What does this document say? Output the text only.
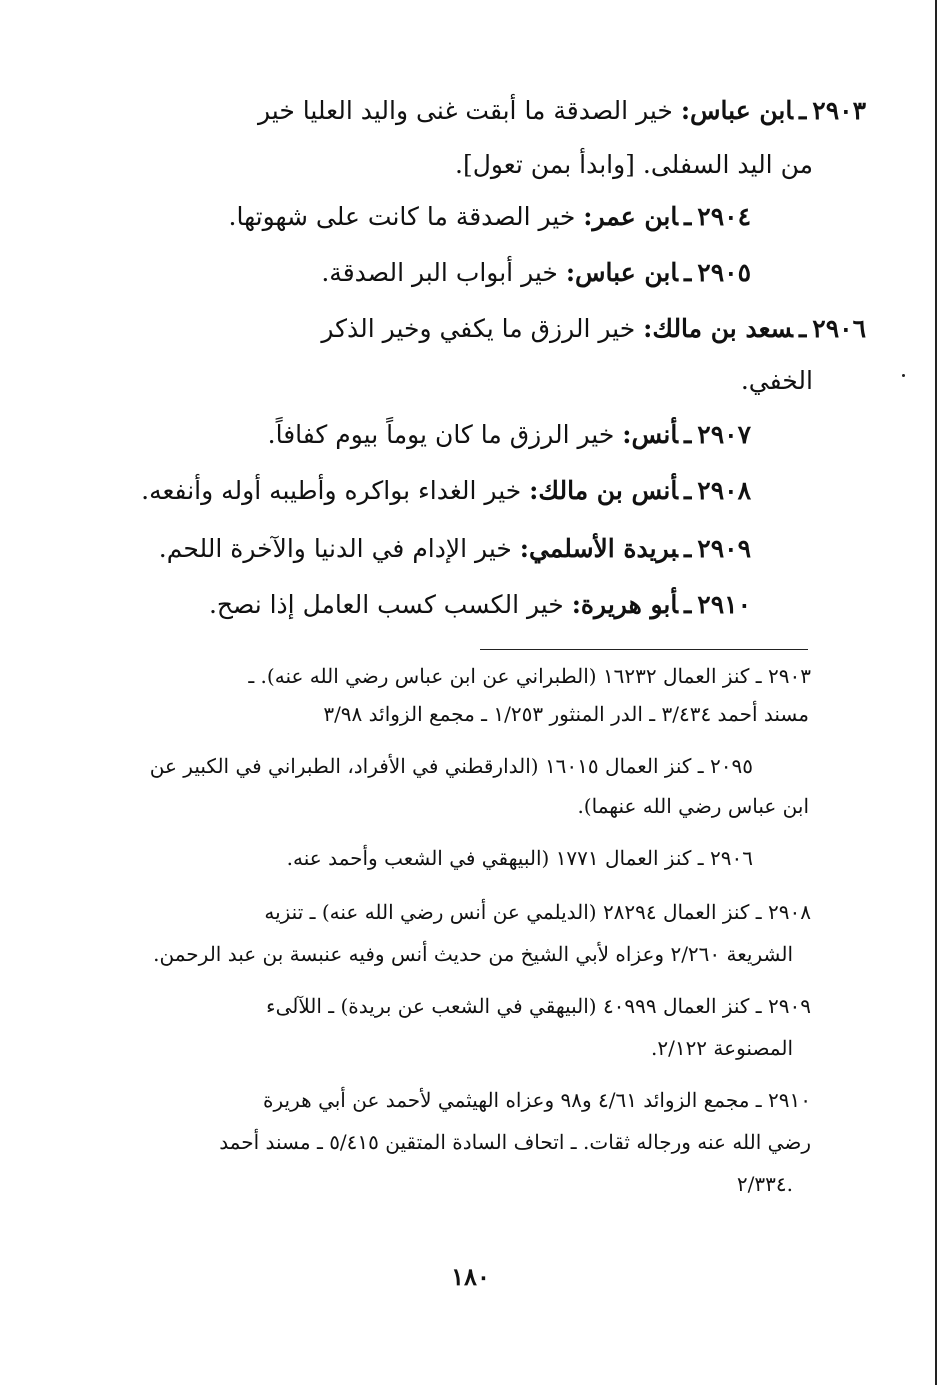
٢٩٠٣ـابن عباس: خير الصدقة ما أبقت غنى واليد العليا خير
من اليد السفلى. [وابدأ بمن تعول].
٢٩٠٤ـابن عمر: خير الصدقة ما كانت على شهوتها.
٢٩٠٥ـابن عباس: خير أبواب البر الصدقة.
٢٩٠٦ـسعد بن مالك: خير الرزق ما يكفي وخير الذكر
الخفي.
٢٩٠٧ـأنس: خير الرزق ما كان يوماً بيوم كفافاً.
٢٩٠٨ـأنس بن مالك: خير الغداء بواكره وأطيبه أوله وأنفعه.
٢٩٠٩ـبريدة الأسلمي: خير الإدام في الدنيا والآخرة اللحم.
٢٩١٠ـأبو هريرة: خير الكسب كسب العامل إذا نصح.
٢٩٠٣ ـ كنز العمال ١٦٢٣٢ (الطبراني عن ابن عباس رضي الله عنه). ـ
مسند أحمد ٣/٤٣٤ ـ الدر المنثور ١/٢٥٣ ـ مجمع الزوائد ٣/٩٨
٢٠٩٥ ـ كنز العمال ١٦٠١٥ (الدارقطني في الأفراد، الطبراني في الكبير عن
ابن عباس رضي الله عنهما).
٢٩٠٦ ـ كنز العمال ١٧٧١ (البيهقي في الشعب وأحمد عنه.
٢٩٠٨ ـ كنز العمال ٢٨٢٩٤ (الديلمي عن أنس رضي الله عنه) ـ تنزيه
الشريعة ٢/٢٦٠ وعزاه لأبي الشيخ من حديث أنس وفيه عنبسة بن عبد الرحمن.
٢٩٠٩ ـ كنز العمال ٤٠٩٩٩ (البيهقي في الشعب عن بريدة) ـ اللآلىء
المصنوعة ٢/١٢٢.
٢٩١٠ ـ مجمع الزوائد ٤/٦١ و٩٨ وعزاه الهيثمي لأحمد عن أبي هريرة
رضي الله عنه ورجاله ثقات. ـ اتحاف السادة المتقين ٥/٤١٥ ـ مسند أحمد
٢/٣٣٤.
١٨٠
